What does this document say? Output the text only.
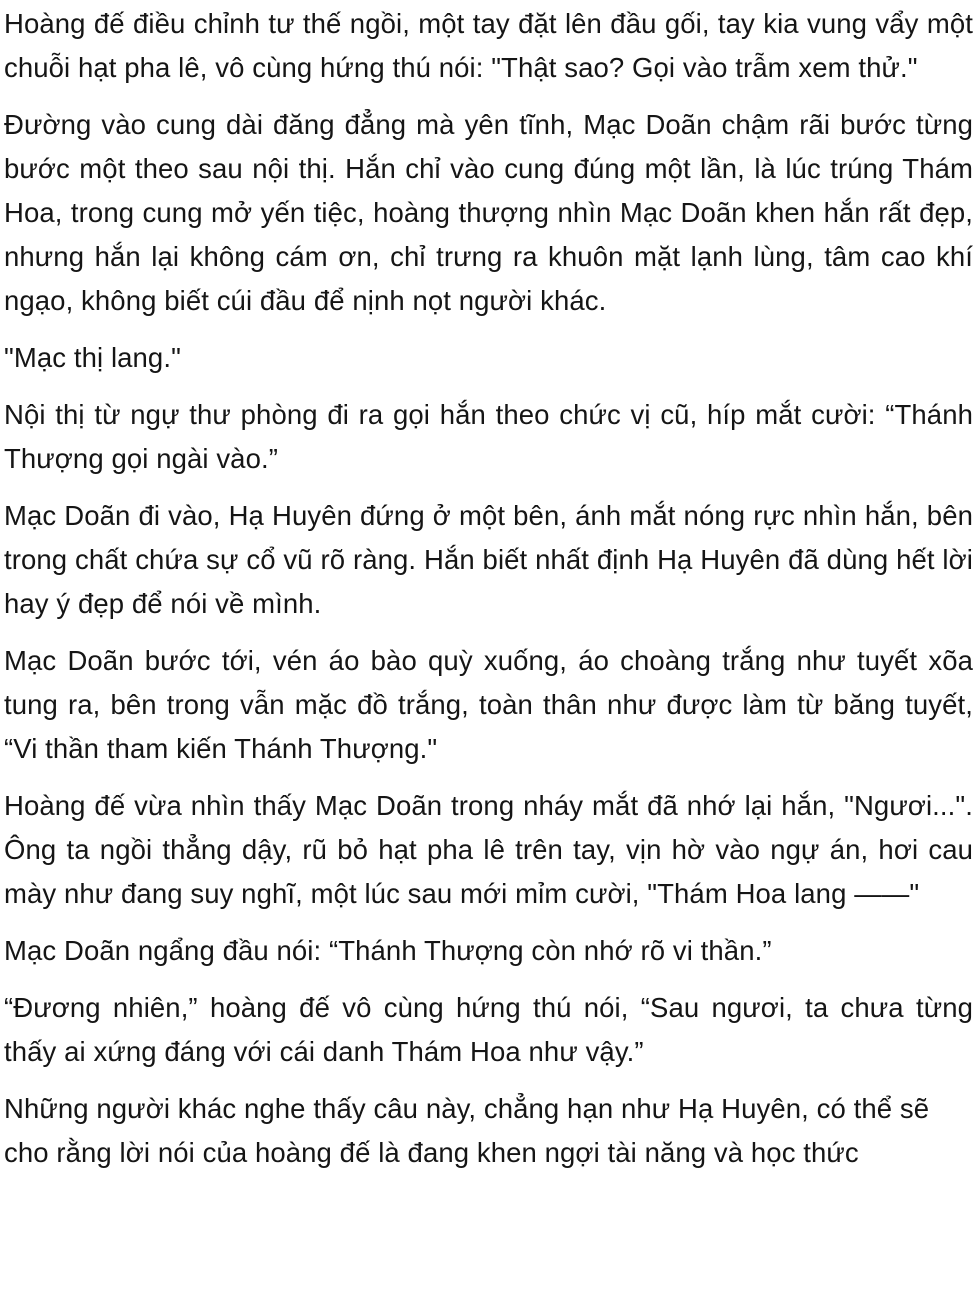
Hoàng đế điều chỉnh tư thế ngồi, một tay đặt lên đầu gối, tay kia vung vẩy một chuỗi hạt pha lê, vô cùng hứng thú nói: "Thật sao? Gọi vào trẫm xem thử."

Đường vào cung dài đăng đẳng mà yên tĩnh, Mạc Doãn chậm rãi bước từng bước một theo sau nội thị. Hắn chỉ vào cung đúng một lần, là lúc trúng Thám Hoa, trong cung mở yến tiệc, hoàng thượng nhìn Mạc Doãn khen hắn rất đẹp, nhưng hắn lại không cám ơn, chỉ trưng ra khuôn mặt lạnh lùng, tâm cao khí ngạo, không biết cúi đầu để nịnh nọt người khác.

"Mạc thị lang."

Nội thị từ ngự thư phòng đi ra gọi hắn theo chức vị cũ, híp mắt cười: “Thánh Thượng gọi ngài vào.”

Mạc Doãn đi vào, Hạ Huyên đứng ở một bên, ánh mắt nóng rực nhìn hắn, bên trong chất chứa sự cổ vũ rõ ràng. Hắn biết nhất định Hạ Huyên đã dùng hết lời hay ý đẹp để nói về mình.

Mạc Doãn bước tới, vén áo bào quỳ xuống, áo choàng trắng như tuyết xõa tung ra, bên trong vẫn mặc đồ trắng, toàn thân như được làm từ băng tuyết, “Vi thần tham kiến Thánh Thượng."

Hoàng đế vừa nhìn thấy Mạc Doãn trong nháy mắt đã nhớ lại hắn, "Ngươi...". Ông ta ngồi thẳng dậy, rũ bỏ hạt pha lê trên tay, vịn hờ vào ngự án, hơi cau mày như đang suy nghĩ, một lúc sau mới mỉm cười, "Thám Hoa lang ——"

Mạc Doãn ngẩng đầu nói: “Thánh Thượng còn nhớ rõ vi thần.”

“Đương nhiên,” hoàng đế vô cùng hứng thú nói, “Sau ngươi, ta chưa từng thấy ai xứng đáng với cái danh Thám Hoa như vậy.”

Những người khác nghe thấy câu này, chẳng hạn như Hạ Huyên, có thể sẽ cho rằng lời nói của hoàng đế là đang khen ngợi tài năng và học thức
